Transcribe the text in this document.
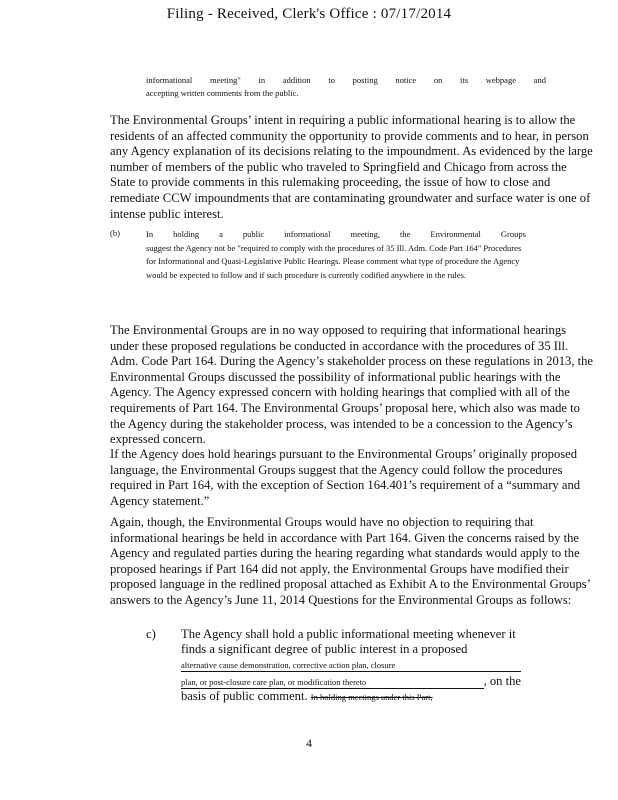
Filing - Received, Clerk's Office : 07/17/2014
informational meeting" in addition to posting notice on its webpage and
accepting written comments from the public.
The Environmental Groups’ intent in requiring a public informational hearing is to allow the residents of an affected community the opportunity to provide comments and to hear, in person any Agency explanation of its decisions relating to the impoundment. As evidenced by the large number of members of the public who traveled to Springfield and Chicago from across the State to provide comments in this rulemaking proceeding, the issue of how to close and remediate CCW impoundments that are contaminating groundwater and surface water is one of intense public interest.
(b)	In holding a public informational meeting, the Environmental Groups
suggest the Agency not be "required to comply with the procedures of 35 Ill. Adm. Code Part 164" Procedures for Informational and Quasi-Legislative Public Hearings. Please comment what type of procedure the Agency would be expected to follow and if such procedure is currently codified anywhere in the rules.
The Environmental Groups are in no way opposed to requiring that informational hearings under these proposed regulations be conducted in accordance with the procedures of 35 Ill. Adm. Code Part 164. During the Agency’s stakeholder process on these regulations in 2013, the Environmental Groups discussed the possibility of informational public hearings with the Agency. The Agency expressed concern with holding hearings that complied with all of the requirements of Part 164. The Environmental Groups’ proposal here, which also was made to the Agency during the stakeholder process, was intended to be a concession to the Agency’s expressed concern.
If the Agency does hold hearings pursuant to the Environmental Groups’ originally proposed language, the Environmental Groups suggest that the Agency could follow the procedures required in Part 164, with the exception of Section 164.401’s requirement of a “summary and Agency statement.”
Again, though, the Environmental Groups would have no objection to requiring that informational hearings be held in accordance with Part 164. Given the concerns raised by the Agency and regulated parties during the hearing regarding what standards would apply to the proposed hearings if Part 164 did not apply, the Environmental Groups have modified their proposed language in the redlined proposal attached as Exhibit A to the Environmental Groups’ answers to the Agency’s June 11, 2014 Questions for the Environmental Groups as follows:
c) The Agency shall hold a public informational meeting whenever it
finds a significant degree of public interest in a proposed
alternative cause demonstration, corrective action plan, closure
plan, or post-closure care plan, or modification thereto	, on the
basis of public comment. In holding meetings under this Part,
4
